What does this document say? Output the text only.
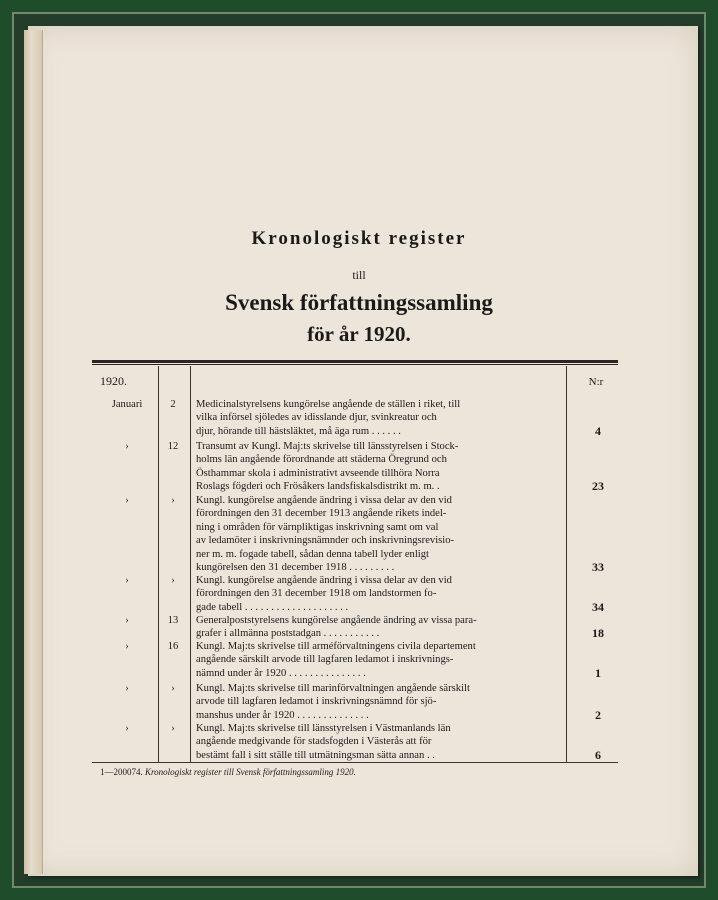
Kronologiskt register
till
Svensk författningssamling
för år 1920.
1920.	N:r
Januari	2	Medicinalstyrelsens kungörelse angående de ställen i riket, till
vilka införsel sjöledes av idisslande djur, svinkreatur och
djur, hörande till hästsläktet, må äga rum . . . . . .	4
›	12	Transumt av Kungl. Maj:ts skrivelse till länsstyrelsen i Stock-
holms län angående förordnande att städerna Öregrund och
Östhammar skola i administrativt avseende tillhöra Norra
Roslags fögderi och Frösåkers landsfiskalsdistrikt m. m. .	23
›	›	Kungl. kungörelse angående ändring i vissa delar av den vid
förordningen den 31 december 1913 angående rikets indel-
ning i områden för värnpliktigas inskrivning samt om val
av ledamöter i inskrivningsnämnder och inskrivningsrevisio-
ner m. m. fogade tabell, sådan denna tabell lyder enligt
kungörelsen den 31 december 1918 . . . . . . . . .	33
›	›	Kungl. kungörelse angående ändring i vissa delar av den vid
förordningen den 31 december 1918 om landstormen fo-
gade tabell . . . . . . . . . . . . . . . . . . . .	34
›	13	Generalpoststyrelsens kungörelse angående ändring av vissa para-
grafer i allmänna poststadgan . . . . . . . . . . .	18
›	16	Kungl. Maj:ts skrivelse till arméförvaltningens civila departement
angående särskilt arvode till lagfaren ledamot i inskrivnings-
nämnd under år 1920 . . . . . . . . . . . . . . .	1
›	›	Kungl. Maj:ts skrivelse till marinförvaltningen angående särskilt
arvode till lagfaren ledamot i inskrivningsnämnd för sjö-
manshus under år 1920 . . . . . . . . . . . . . .	2
›	›	Kungl. Maj:ts skrivelse till länsstyrelsen i Västmanlands län
angående medgivande för stadsfogden i Västerås att för
bestämt fall i sitt ställe till utmätningsman sätta annan . .	6
1—200074. Kronologiskt register till Svensk författningssamling 1920.
